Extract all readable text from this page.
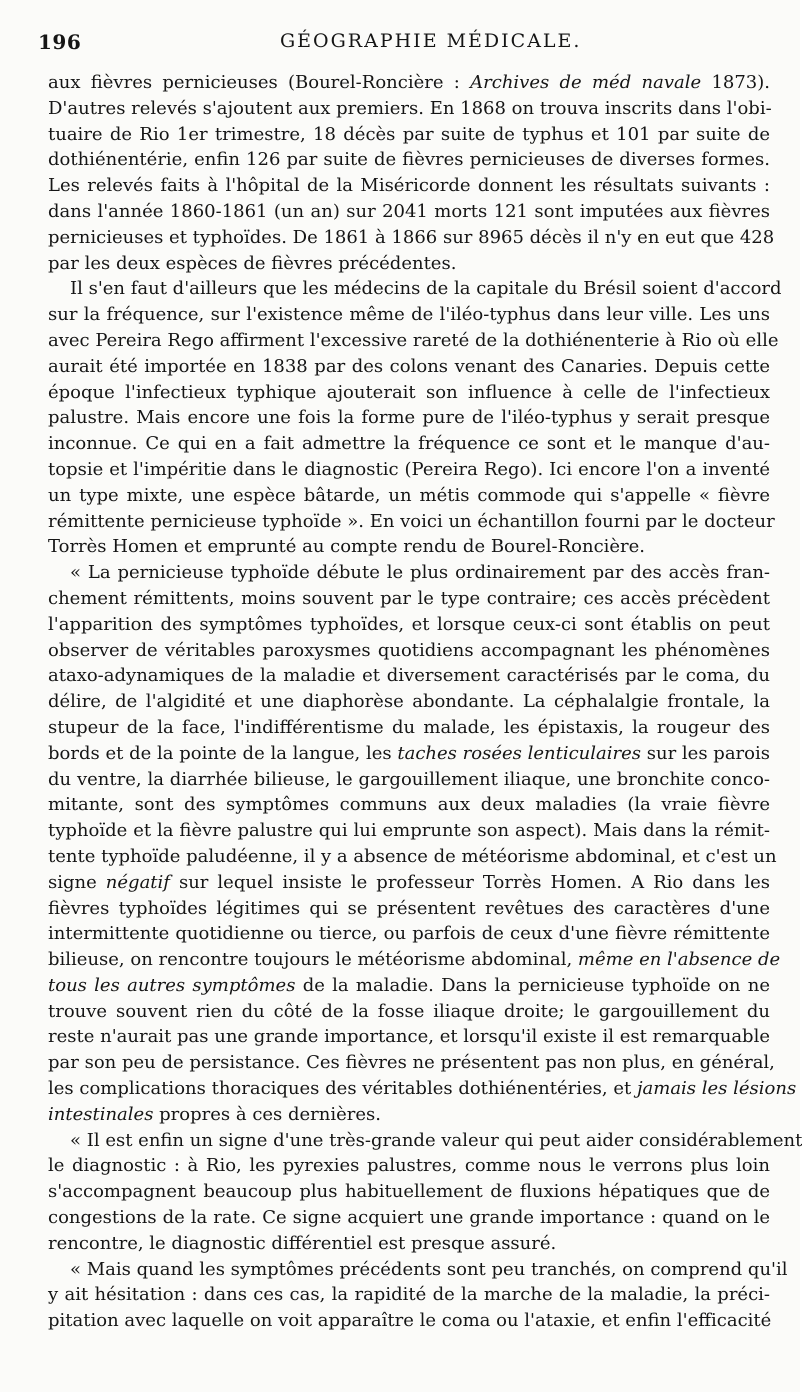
196	GÉOGRAPHIE MÉDICALE.
aux fièvres pernicieuses (Bourel-Roncière : Archives de méd navale 1873).
D'autres relevés s'ajoutent aux premiers. En 1868 on trouva inscrits dans l'obi-
tuaire de Rio 1er trimestre, 18 décès par suite de typhus et 101 par suite de
dothiénentérie, enfin 126 par suite de fièvres pernicieuses de diverses formes.
Les relevés faits à l'hôpital de la Miséricorde donnent les résultats suivants :
dans l'année 1860-1861 (un an) sur 2041 morts 121 sont imputées aux fièvres
pernicieuses et typhoïdes. De 1861 à 1866 sur 8965 décès il n'y en eut que 428
par les deux espèces de fièvres précédentes.
Il s'en faut d'ailleurs que les médecins de la capitale du Brésil soient d'accord
sur la fréquence, sur l'existence même de l'iléo-typhus dans leur ville. Les uns
avec Pereira Rego affirment l'excessive rareté de la dothiénenterie à Rio où elle
aurait été importée en 1838 par des colons venant des Canaries. Depuis cette
époque l'infectieux typhique ajouterait son influence à celle de l'infectieux
palustre. Mais encore une fois la forme pure de l'iléo-typhus y serait presque
inconnue. Ce qui en a fait admettre la fréquence ce sont et le manque d'au-
topsie et l'impéritie dans le diagnostic (Pereira Rego). Ici encore l'on a inventé
un type mixte, une espèce bâtarde, un métis commode qui s'appelle « fièvre
rémittente pernicieuse typhoïde ». En voici un échantillon fourni par le docteur
Torrès Homen et emprunté au compte rendu de Bourel-Roncière.
« La pernicieuse typhoïde débute le plus ordinairement par des accès fran-
chement rémittents, moins souvent par le type contraire; ces accès précèdent
l'apparition des symptômes typhoïdes, et lorsque ceux-ci sont établis on peut
observer de véritables paroxysmes quotidiens accompagnant les phénomènes
ataxo-adynamiques de la maladie et diversement caractérisés par le coma, du
délire, de l'algidité et une diaphorèse abondante. La céphalalgie frontale, la
stupeur de la face, l'indifférentisme du malade, les épistaxis, la rougeur des
bords et de la pointe de la langue, les taches rosées lenticulaires sur les parois
du ventre, la diarrhée bilieuse, le gargouillement iliaque, une bronchite conco-
mitante, sont des symptômes communs aux deux maladies (la vraie fièvre
typhoïde et la fièvre palustre qui lui emprunte son aspect). Mais dans la rémit-
tente typhoïde paludéenne, il y a absence de météorisme abdominal, et c'est un
signe négatif sur lequel insiste le professeur Torrès Homen. A Rio dans les
fièvres typhoïdes légitimes qui se présentent revêtues des caractères d'une
intermittente quotidienne ou tierce, ou parfois de ceux d'une fièvre rémittente
bilieuse, on rencontre toujours le météorisme abdominal, même en l'absence de
tous les autres symptômes de la maladie. Dans la pernicieuse typhoïde on ne
trouve souvent rien du côté de la fosse iliaque droite; le gargouillement du
reste n'aurait pas une grande importance, et lorsqu'il existe il est remarquable
par son peu de persistance. Ces fièvres ne présentent pas non plus, en général,
les complications thoraciques des véritables dothiénentéries, et jamais les lésions
intestinales propres à ces dernières.
« Il est enfin un signe d'une très-grande valeur qui peut aider considérablement
le diagnostic : à Rio, les pyrexies palustres, comme nous le verrons plus loin
s'accompagnent beaucoup plus habituellement de fluxions hépatiques que de
congestions de la rate. Ce signe acquiert une grande importance : quand on le
rencontre, le diagnostic différentiel est presque assuré.
« Mais quand les symptômes précédents sont peu tranchés, on comprend qu'il
y ait hésitation : dans ces cas, la rapidité de la marche de la maladie, la préci-
pitation avec laquelle on voit apparaître le coma ou l'ataxie, et enfin l'efficacité
